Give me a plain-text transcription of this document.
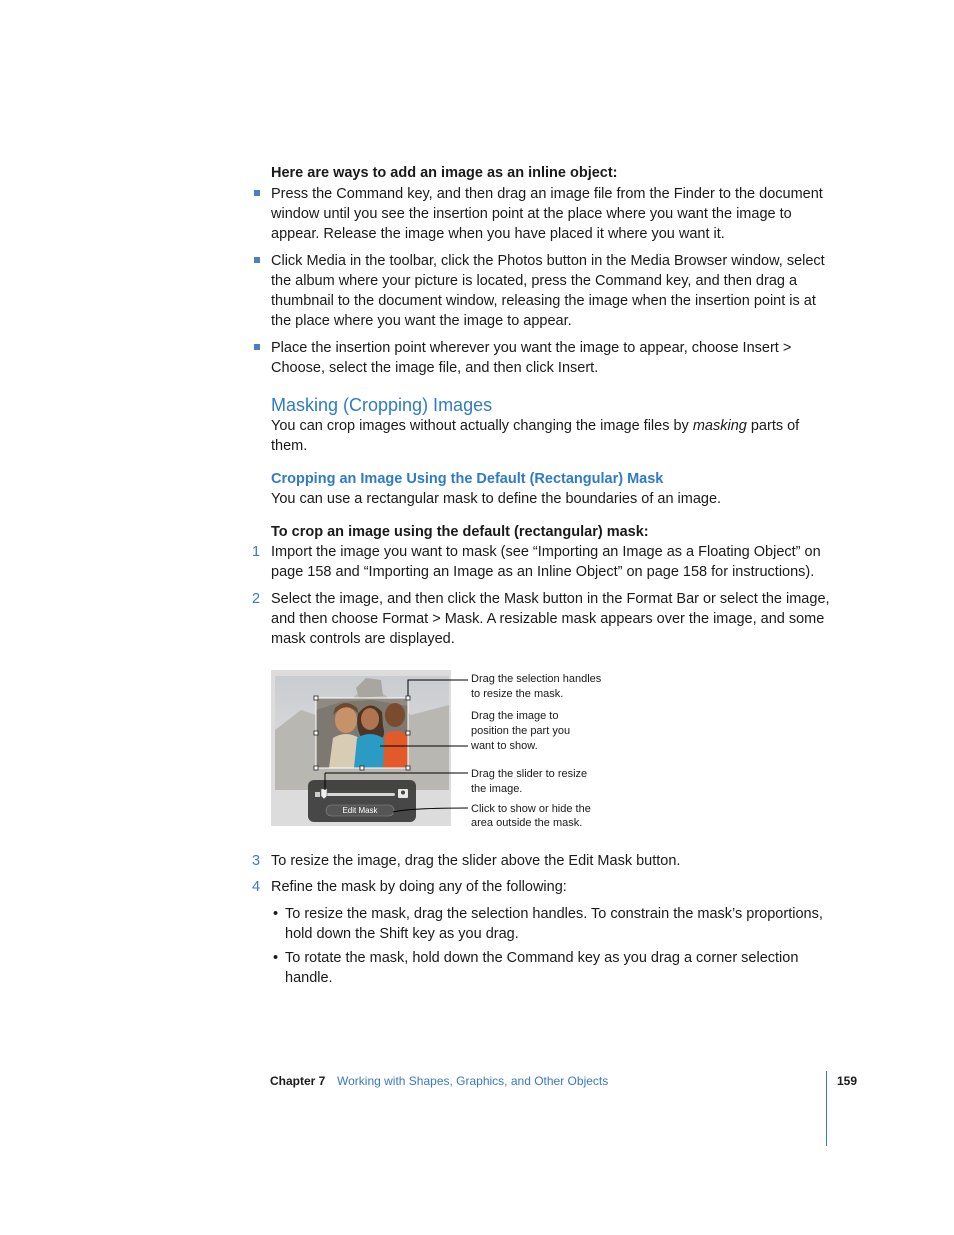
Here are ways to add an image as an inline object:
Press the Command key, and then drag an image file from the Finder to the document
window until you see the insertion point at the place where you want the image to
appear. Release the image when you have placed it where you want it.
Click Media in the toolbar, click the Photos button in the Media Browser window, select
the album where your picture is located, press the Command key, and then drag a
thumbnail to the document window, releasing the image when the insertion point is at
the place where you want the image to appear.
Place the insertion point wherever you want the image to appear, choose Insert >
Choose, select the image file, and then click Insert.
Masking (Cropping) Images
You can crop images without actually changing the image files by masking parts of
them.
Cropping an Image Using the Default (Rectangular) Mask
You can use a rectangular mask to define the boundaries of an image.
To crop an image using the default (rectangular) mask:
1 Import the image you want to mask (see “Importing an Image as a Floating Object” on
page 158 and “Importing an Image as an Inline Object” on page 158 for instructions).
2 Select the image, and then click the Mask button in the Format Bar or select the image,
and then choose Format > Mask. A resizable mask appears over the image, and some
mask controls are displayed.
Edit Mask
Drag the selection handles
to resize the mask.
Drag the image to
position the part you
want to show.
Drag the slider to resize
the image.
Click to show or hide the
area outside the mask.
3 To resize the image, drag the slider above the Edit Mask button.
4 Refine the mask by doing any of the following:
• To resize the mask, drag the selection handles. To constrain the mask’s proportions,
hold down the Shift key as you drag.
• To rotate the mask, hold down the Command key as you drag a corner selection
handle.
Chapter 7 Working with Shapes, Graphics, and Other Objects	159
